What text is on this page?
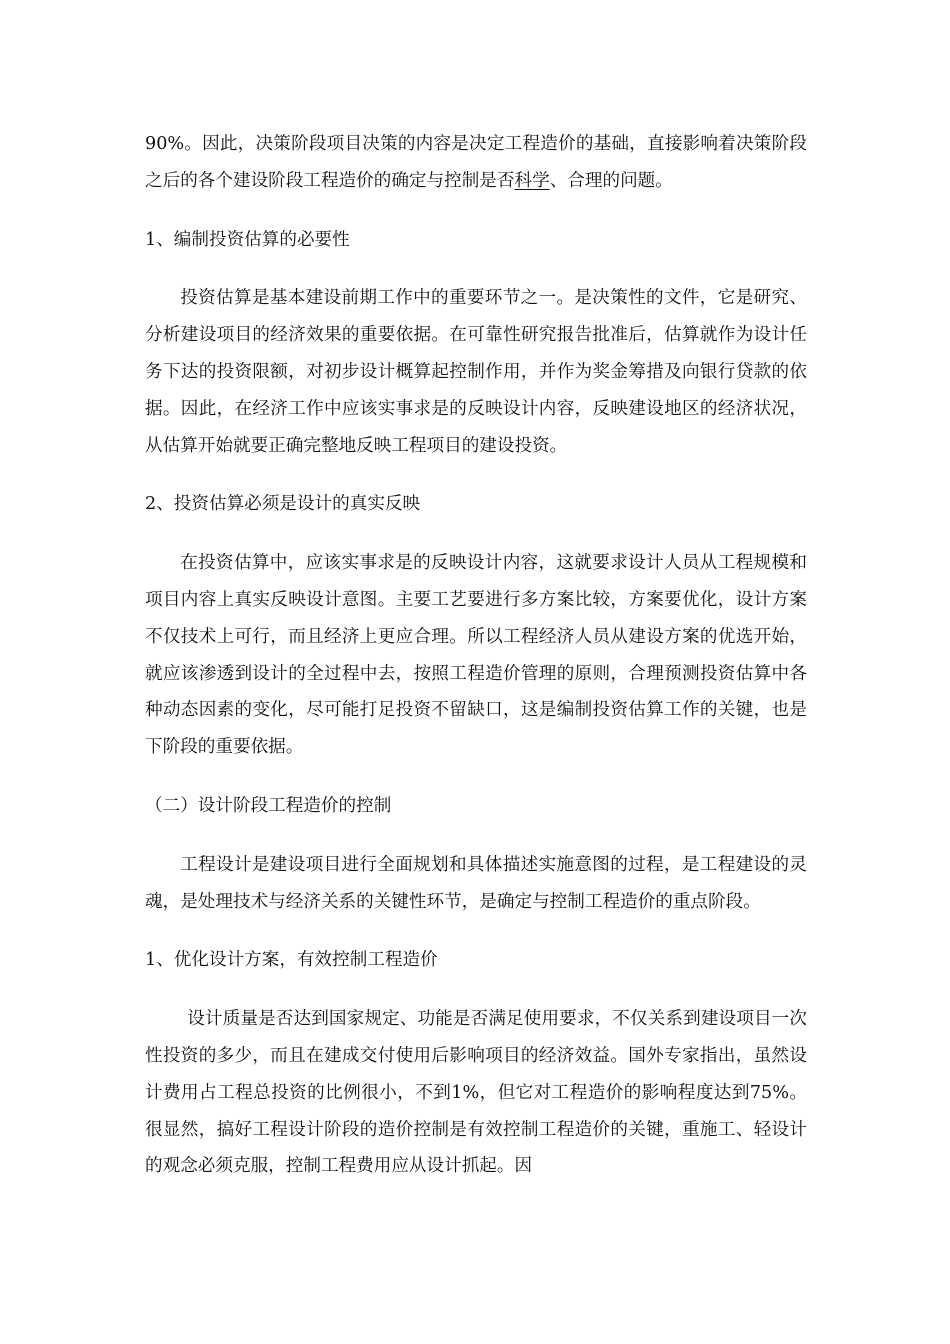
90%。因此，决策阶段项目决策的内容是决定工程造价的基础，直接影响着决策阶段之后的各个建设阶段工程造价的确定与控制是否科学、合理的问题。

1、编制投资估算的必要性

投资估算是基本建设前期工作中的重要环节之一。是决策性的文件，它是研究、分析建设项目的经济效果的重要依据。在可靠性研究报告批准后，估算就作为设计任务下达的投资限额，对初步设计概算起控制作用，并作为奖金筹措及向银行贷款的依据。因此，在经济工作中应该实事求是的反映设计内容，反映建设地区的经济状况，从估算开始就要正确完整地反映工程项目的建设投资。

2、投资估算必须是设计的真实反映

在投资估算中，应该实事求是的反映设计内容，这就要求设计人员从工程规模和项目内容上真实反映设计意图。主要工艺要进行多方案比较，方案要优化，设计方案不仅技术上可行，而且经济上更应合理。所以工程经济人员从建设方案的优选开始，就应该渗透到设计的全过程中去，按照工程造价管理的原则，合理预测投资估算中各种动态因素的变化，尽可能打足投资不留缺口，这是编制投资估算工作的关键，也是下阶段的重要依据。

（二）设计阶段工程造价的控制

工程设计是建设项目进行全面规划和具体描述实施意图的过程，是工程建设的灵魂，是处理技术与经济关系的关键性环节，是确定与控制工程造价的重点阶段。

1、优化设计方案，有效控制工程造价

设计质量是否达到国家规定、功能是否满足使用要求，不仅关系到建设项目一次性投资的多少，而且在建成交付使用后影响项目的经济效益。国外专家指出，虽然设计费用占工程总投资的比例很小，不到1%，但它对工程造价的影响程度达到75%。很显然，搞好工程设计阶段的造价控制是有效控制工程造价的关键，重施工、轻设计的观念必须克服，控制工程费用应从设计抓起。因
